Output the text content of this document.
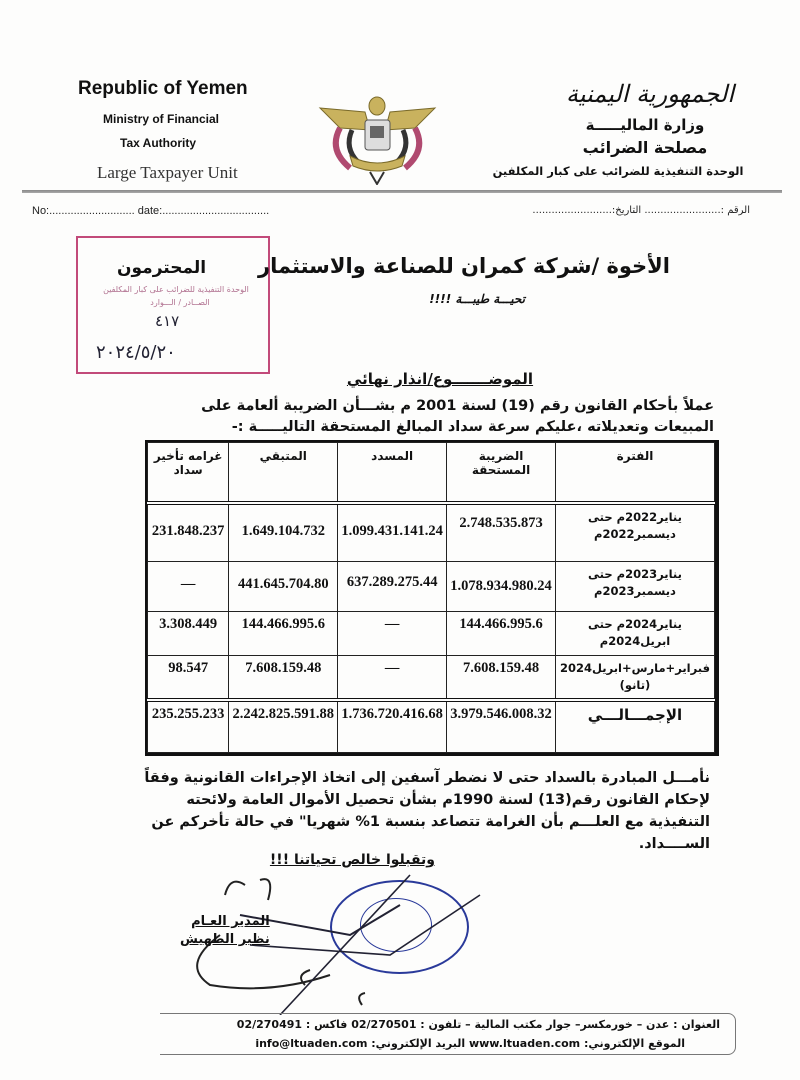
Republic of Yemen
Ministry of Financial
Tax Authority
Large Taxpayer Unit
الجمهورية اليمنية
وزارة الماليـــــة
مصلحة الضرائب
الوحدة التنفيذية للضرائب على كبار المكلفين
No:............................ date:...................................	الرقم :........................ التاريخ:.........................
المحترمون
الوحدة التنفيذية للضرائب على كبار المكلفين
الصــادر / الـــوارد
٤١٧
٢٠٢٤/٥/٢٠
الأخوة /شركة كمران للصناعة والاستثمار
تحيـــة طيبـــة !!!!
الموضـــــــوع/انذار نهائي
عملاً بأحكام القانون رقم (19) لسنة 2001 م بشـــأن الضريبة ألعامة على المبيعات وتعديلاته ،عليكم سرعة سداد المبالغ المستحقة التاليـــــة :-
الفترة	الضريبة المستحقة	المسدد	المتبقي	غرامه تأخير سداد
يناير2022م حتى ديسمبر2022م	2.748.535.873	1.099.431.141.24	1.649.104.732	231.848.237
يناير2023م حتى ديسمبر2023م	1.078.934.980.24	637.289.275.44	441.645.704.80	—
يناير2024م حتى ابريل2024م	144.466.995.6	—	144.466.995.6	3.308.449
فبراير+مارس+ابريل2024 (تانو)	7.608.159.48	—	7.608.159.48	98.547
الإجمـــالـــي	3.979.546.008.32	1.736.720.416.68	2.242.825.591.88	235.255.233
نأمـــل المبادرة بالسداد حتى لا نضطر آسفين إلى اتخاذ الإجراءات القانونية وفقاً لإحكام القانون رقم(13) لسنة 1990م بشأن تحصيل الأموال العامة ولائحته التنفيذية مع العلـــم بأن الغرامة تتصاعد بنسبة 1% شهريا" في حالة تأخركم عن الســــداد.
وتقبلوا خالص تحياتنا !!!
المدير العـام
نظير الطهيش
العنوان : عدن – خورمكسر– جوار مكتب المالية – تلفون : 02/270501 فاكس : 02/270491
الموقع الإلكتروني: www.ltuaden.com البريد الإلكتروني: info@ltuaden.com
